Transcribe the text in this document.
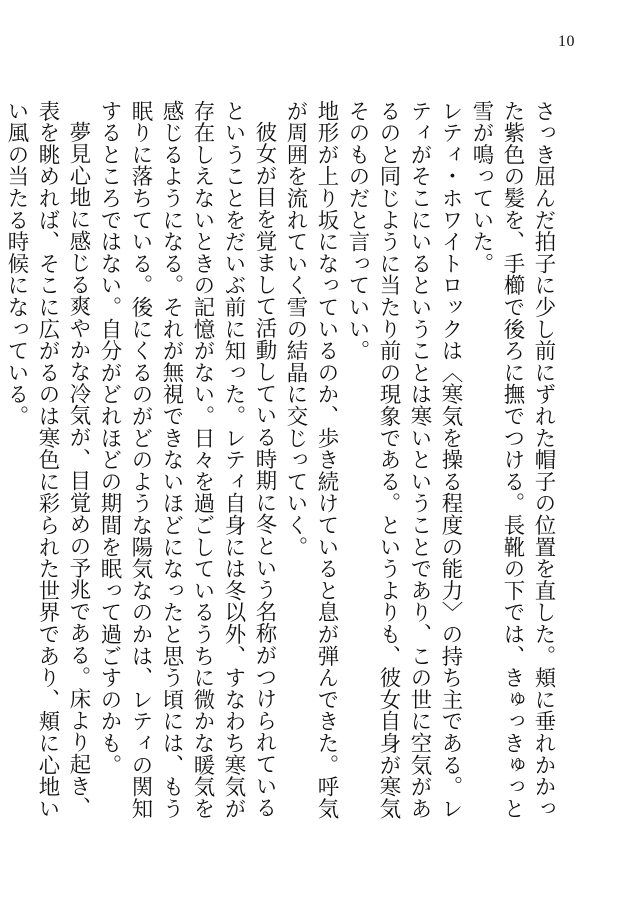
10

さっき屈んだ拍子に少し前にずれた帽子の位置を直した。頬に垂れかかった紫色の髪を、手櫛で後ろに撫でつける。長靴の下では、きゅっきゅっと雪が鳴っていた。

レティ・ホワイトロックは〈寒気を操る程度の能力〉の持ち主である。レティがそこにいるということは寒いということであり、この世に空気があるのと同じように当たり前の現象である。というよりも、彼女自身が寒気そのものだと言っていい。

地形が上り坂になっているのか、歩き続けていると息が弾んできた。呼気が周囲を流れていく雪の結晶に交じっていく。

彼女が目を覚まして活動している時期に冬という名称がつけられているということをだいぶ前に知った。レティ自身には冬以外、すなわち寒気が存在しえないときの記憶がない。日々を過ごしているうちに微かな暖気を感じるようになる。それが無視できないほどになったと思う頃には、もう眠りに落ちている。後にくるのがどのような陽気なのかは、レティの関知するところではない。自分がどれほどの期間を眠って過ごすのかも。

夢見心地に感じる爽やかな冷気が、目覚めの予兆である。床より起き、表を眺めれば、そこに広がるのは寒色に彩られた世界であり、頬に心地いい風の当たる時候になっている。
